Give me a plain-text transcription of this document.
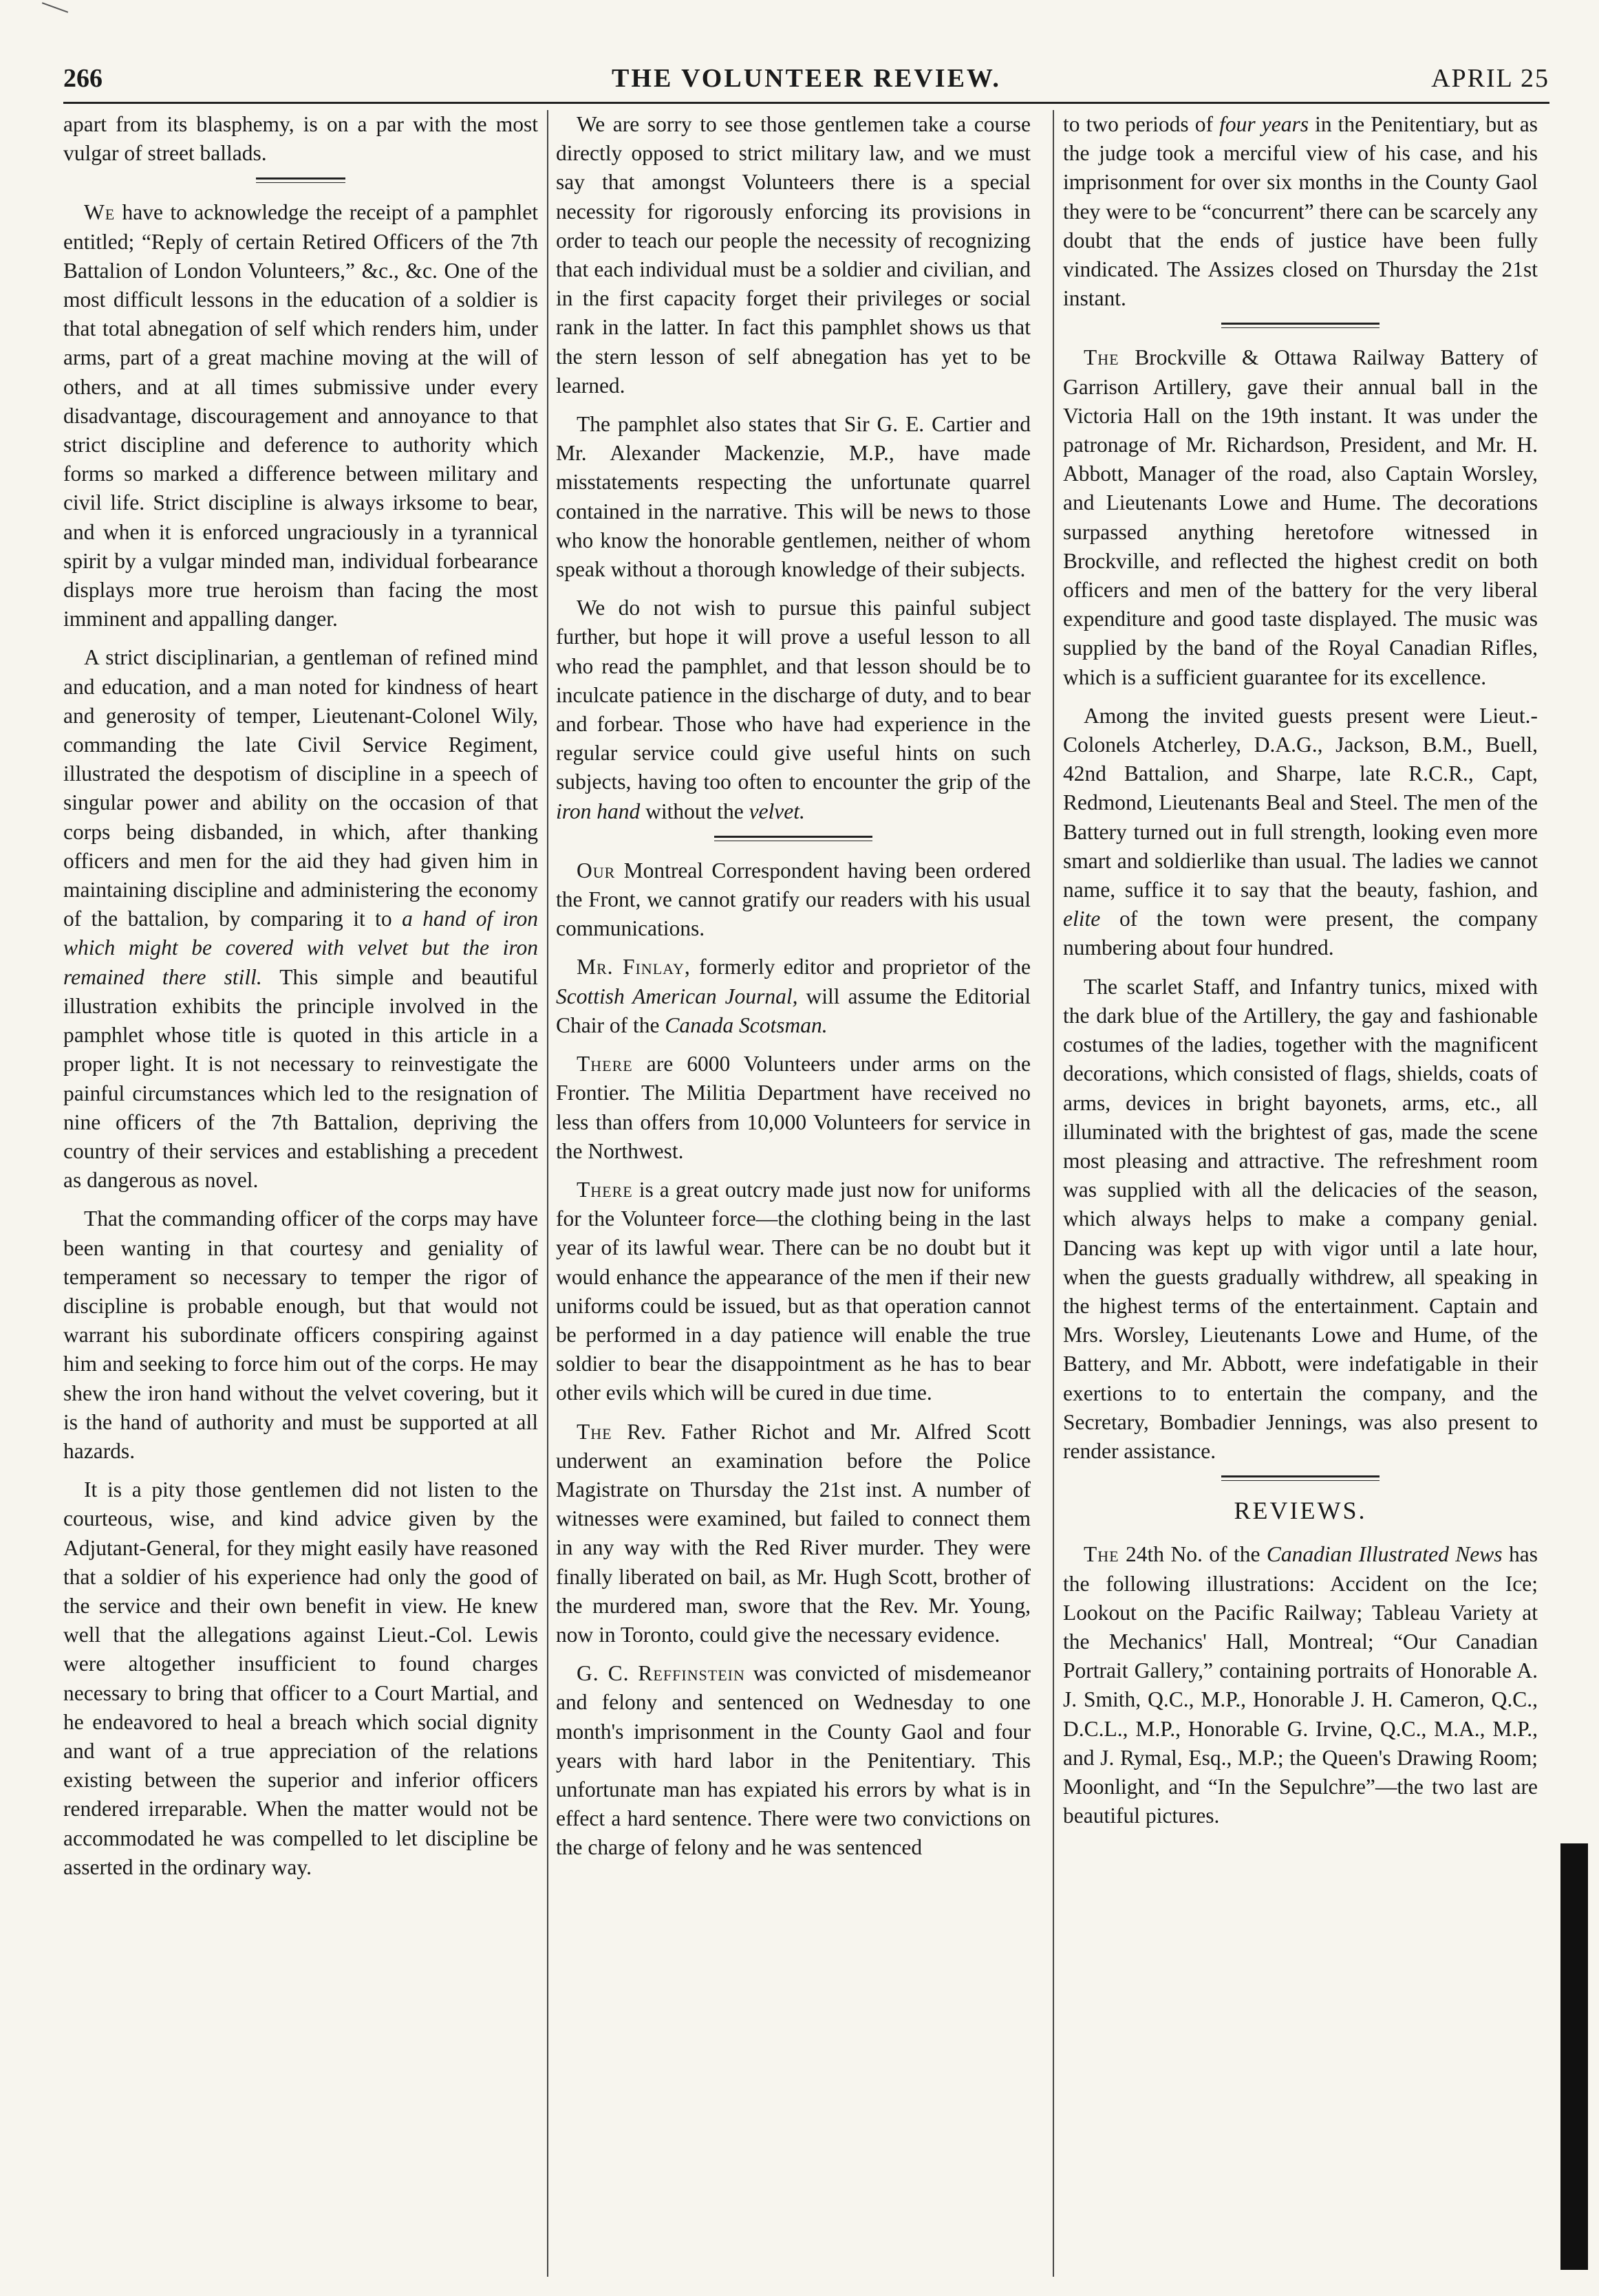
266	THE VOLUNTEER REVIEW.	APRIL 25

apart from its blasphemy, is on a par with the most vulgar of street ballads.

We have to acknowledge the receipt of a pamphlet entitled; “Reply of certain Retired Officers of the 7th Battalion of London Volunteers,” &c., &c. One of the most difficult lessons in the education of a soldier is that total abnegation of self which renders him, under arms, part of a great machine moving at the will of others, and at all times submissive under every disadvantage, discouragement and annoyance to that strict discipline and deference to authority which forms so marked a difference between military and civil life. Strict discipline is always irksome to bear, and when it is enforced ungraciously in a tyrannical spirit by a vulgar minded man, individual forbearance displays more true heroism than facing the most imminent and appalling danger.

A strict disciplinarian, a gentleman of refined mind and education, and a man noted for kindness of heart and generosity of temper, Lieutenant-Colonel Wily, commanding the late Civil Service Regiment, illustrated the despotism of discipline in a speech of singular power and ability on the occasion of that corps being disbanded, in which, after thanking officers and men for the aid they had given him in maintaining discipline and administering the economy of the battalion, by comparing it to a hand of iron which might be covered with velvet but the iron remained there still. This simple and beautiful illustration exhibits the principle involved in the pamphlet whose title is quoted in this article in a proper light. It is not necessary to reinvestigate the painful circumstances which led to the resignation of nine officers of the 7th Battalion, depriving the country of their services and establishing a precedent as dangerous as novel.

That the commanding officer of the corps may have been wanting in that courtesy and geniality of temperament so necessary to temper the rigor of discipline is probable enough, but that would not warrant his subordinate officers conspiring against him and seeking to force him out of the corps. He may shew the iron hand without the velvet covering, but it is the hand of authority and must be supported at all hazards.

It is a pity those gentlemen did not listen to the courteous, wise, and kind advice given by the Adjutant-General, for they might easily have reasoned that a soldier of his experience had only the good of the service and their own benefit in view. He knew well that the allegations against Lieut.-Col. Lewis were altogether insufficient to found charges necessary to bring that officer to a Court Martial, and he endeavored to heal a breach which social dignity and want of a true appreciation of the relations existing between the superior and inferior officers rendered irreparable. When the matter would not be accommodated he was compelled to let discipline be asserted in the ordinary way.

We are sorry to see those gentlemen take a course directly opposed to strict military law, and we must say that amongst Volunteers there is a special necessity for rigorously enforcing its provisions in order to teach our people the necessity of recognizing that each individual must be a soldier and civilian, and in the first capacity forget their privileges or social rank in the latter. In fact this pamphlet shows us that the stern lesson of self abnegation has yet to be learned.

The pamphlet also states that Sir G. E. Cartier and Mr. Alexander Mackenzie, M.P., have made misstatements respecting the unfortunate quarrel contained in the narrative. This will be news to those who know the honorable gentlemen, neither of whom speak without a thorough knowledge of their subjects.

We do not wish to pursue this painful subject further, but hope it will prove a useful lesson to all who read the pamphlet, and that lesson should be to inculcate patience in the discharge of duty, and to bear and forbear. Those who have had experience in the regular service could give useful hints on such subjects, having too often to encounter the grip of the iron hand without the velvet.

Our Montreal Correspondent having been ordered the Front, we cannot gratify our readers with his usual communications.

Mr. Finlay, formerly editor and proprietor of the Scottish American Journal, will assume the Editorial Chair of the Canada Scotsman.

There are 6000 Volunteers under arms on the Frontier. The Militia Department have received no less than offers from 10,000 Volunteers for service in the Northwest.

There is a great outcry made just now for uniforms for the Volunteer force—the clothing being in the last year of its lawful wear. There can be no doubt but it would enhance the appearance of the men if their new uniforms could be issued, but as that operation cannot be performed in a day patience will enable the true soldier to bear the disappointment as he has to bear other evils which will be cured in due time.

The Rev. Father Richot and Mr. Alfred Scott underwent an examination before the Police Magistrate on Thursday the 21st inst. A number of witnesses were examined, but failed to connect them in any way with the Red River murder. They were finally liberated on bail, as Mr. Hugh Scott, brother of the murdered man, swore that the Rev. Mr. Young, now in Toronto, could give the necessary evidence.

G. C. Reffinstein was convicted of misdemeanor and felony and sentenced on Wednesday to one month's imprisonment in the County Gaol and four years with hard labor in the Penitentiary. This unfortunate man has expiated his errors by what is in effect a hard sentence. There were two convictions on the charge of felony and he was sentenced

to two periods of four years in the Penitentiary, but as the judge took a merciful view of his case, and his imprisonment for over six months in the County Gaol they were to be “concurrent” there can be scarcely any doubt that the ends of justice have been fully vindicated. The Assizes closed on Thursday the 21st instant.

The Brockville & Ottawa Railway Battery of Garrison Artillery, gave their annual ball in the Victoria Hall on the 19th instant. It was under the patronage of Mr. Richardson, President, and Mr. H. Abbott, Manager of the road, also Captain Worsley, and Lieutenants Lowe and Hume. The decorations surpassed anything heretofore witnessed in Brockville, and reflected the highest credit on both officers and men of the battery for the very liberal expenditure and good taste displayed. The music was supplied by the band of the Royal Canadian Rifles, which is a sufficient guarantee for its excellence.

Among the invited guests present were Lieut.-Colonels Atcherley, D.A.G., Jackson, B.M., Buell, 42nd Battalion, and Sharpe, late R.C.R., Capt, Redmond, Lieutenants Beal and Steel. The men of the Battery turned out in full strength, looking even more smart and soldierlike than usual. The ladies we cannot name, suffice it to say that the beauty, fashion, and elite of the town were present, the company numbering about four hundred.

The scarlet Staff, and Infantry tunics, mixed with the dark blue of the Artillery, the gay and fashionable costumes of the ladies, together with the magnificent decorations, which consisted of flags, shields, coats of arms, devices in bright bayonets, arms, etc., all illuminated with the brightest of gas, made the scene most pleasing and attractive. The refreshment room was supplied with all the delicacies of the season, which always helps to make a company genial. Dancing was kept up with vigor until a late hour, when the guests gradually withdrew, all speaking in the highest terms of the entertainment. Captain and Mrs. Worsley, Lieutenants Lowe and Hume, of the Battery, and Mr. Abbott, were indefatigable in their exertions to to entertain the company, and the Secretary, Bombadier Jennings, was also present to render assistance.

REVIEWS.

The 24th No. of the Canadian Illustrated News has the following illustrations: Accident on the Ice; Lookout on the Pacific Railway; Tableau Variety at the Mechanics' Hall, Montreal; “Our Canadian Portrait Gallery,” containing portraits of Honorable A. J. Smith, Q.C., M.P., Honorable J. H. Cameron, Q.C., D.C.L., M.P., Honorable G. Irvine, Q.C., M.A., M.P., and J. Rymal, Esq., M.P.; the Queen's Drawing Room; Moonlight, and “In the Sepulchre”—the two last are beautiful pictures.
